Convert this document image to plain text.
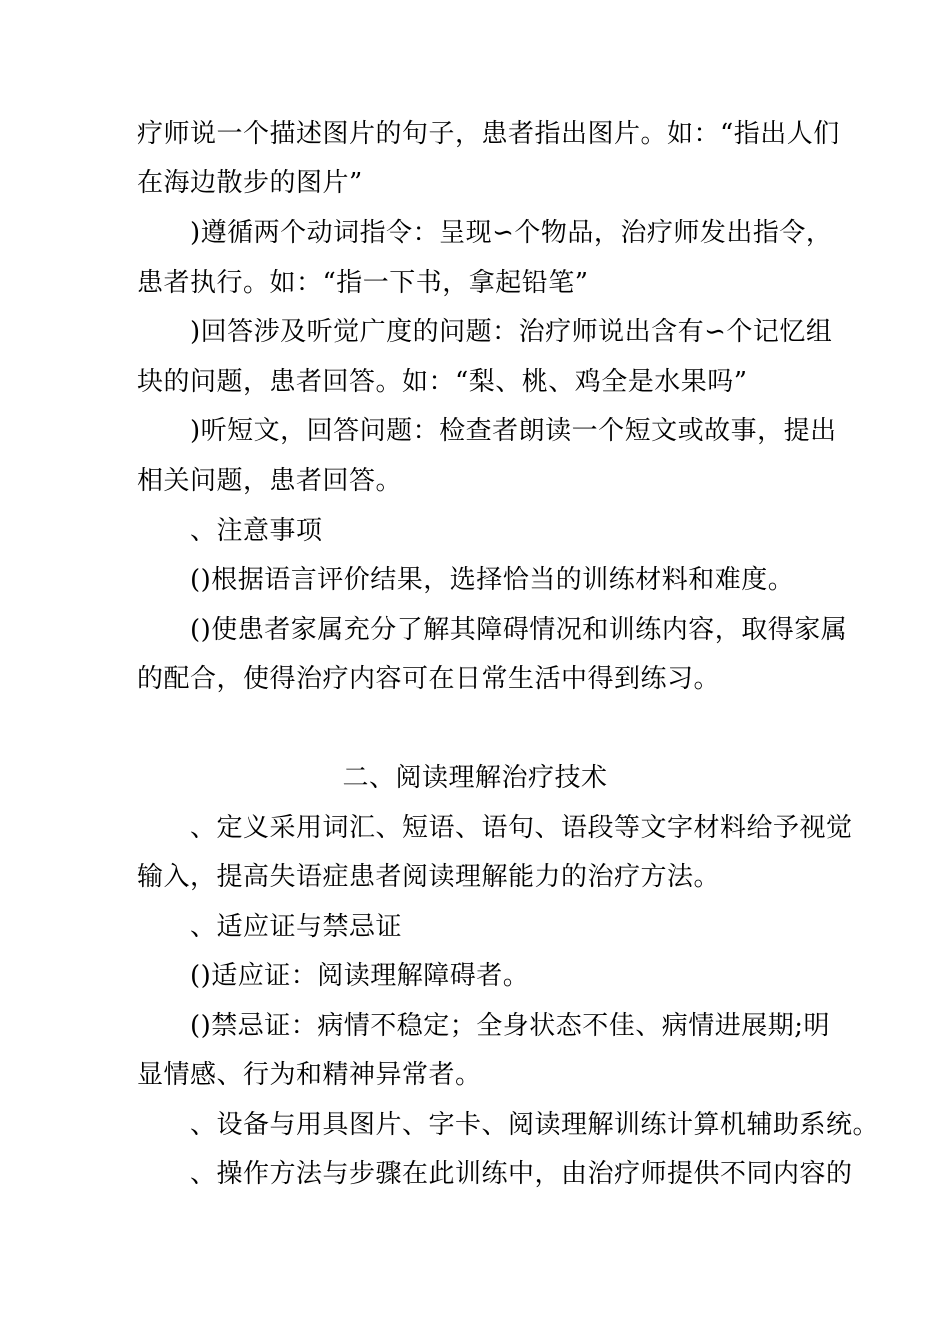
疗师说一个描述图片的句子，患者指出图片。如：“指出人们
在海边散步的图片”
)遵循两个动词指令：呈现∽个物品，治疗师发出指令，
患者执行。如：“指一下书，拿起铅笔”
)回答涉及听觉广度的问题：治疗师说出含有∽个记忆组
块的问题，患者回答。如：“梨、桃、鸡全是水果吗”
)听短文，回答问题：检查者朗读一个短文或故事，提出
相关问题，患者回答。
、注意事项
()根据语言评价结果，选择恰当的训练材料和难度。
()使患者家属充分了解其障碍情况和训练内容，取得家属
的配合，使得治疗内容可在日常生活中得到练习。
二、阅读理解治疗技术
、定义采用词汇、短语、语句、语段等文字材料给予视觉
输入，提高失语症患者阅读理解能力的治疗方法。
、适应证与禁忌证
()适应证：阅读理解障碍者。
()禁忌证：病情不稳定；全身状态不佳、病情进展期;明
显情感、行为和精神异常者。
、设备与用具图片、字卡、阅读理解训练计算机辅助系统。
、操作方法与步骤在此训练中，由治疗师提供不同内容的
